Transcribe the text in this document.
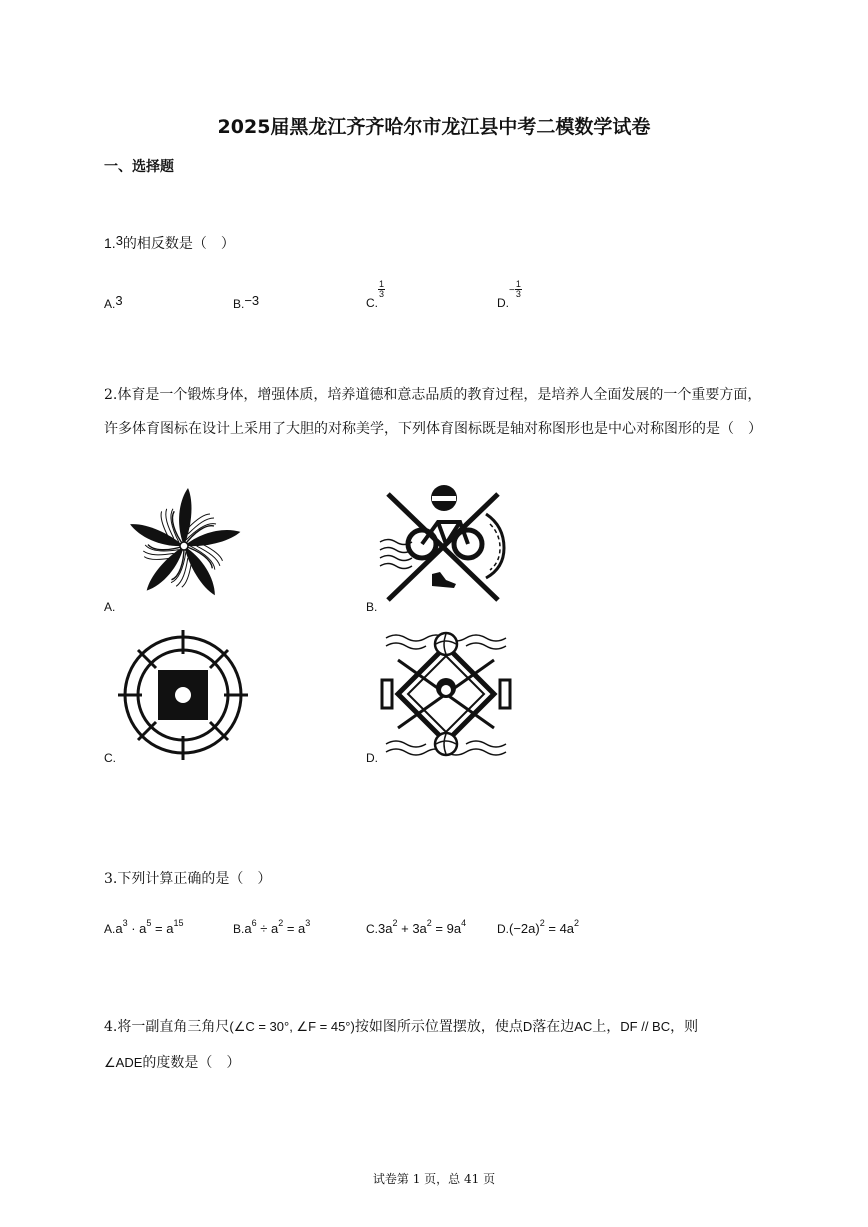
2025届黑龙江齐齐哈尔市龙江县中考二模数学试卷
一、选择题
1.3的相反数是（　）
A.3	B.−3	C.
$\frac{1}{3}$
$D.- \frac{1}{3}$
2.体育是一个锻炼身体，增强体质，培养道德和意志品质的教育过程，是培养人全面发展的一个重要方面，许多体育图标在设计上采用了大胆的对称美学，下列体育图标既是轴对称图形也是中心对称图形的是（　）
A.	B.
C.	D.
3.下列计算正确的是（　）
$A.a^3 \cdot a^5 = a^{15}$	$B.a^6 \div a^2 = a^3$	$C.3a^2 + 3a^2 = 9a^4$	$D.(-2a)^2 = 4a^2$
4.将一副直角三角尺(∠C = 30°, ∠F = 45°)按如图所示位置摆放，使点D落在边AC上，DF // BC，则
∠ADE的度数是（　）
试卷第 1 页，总 41 页
